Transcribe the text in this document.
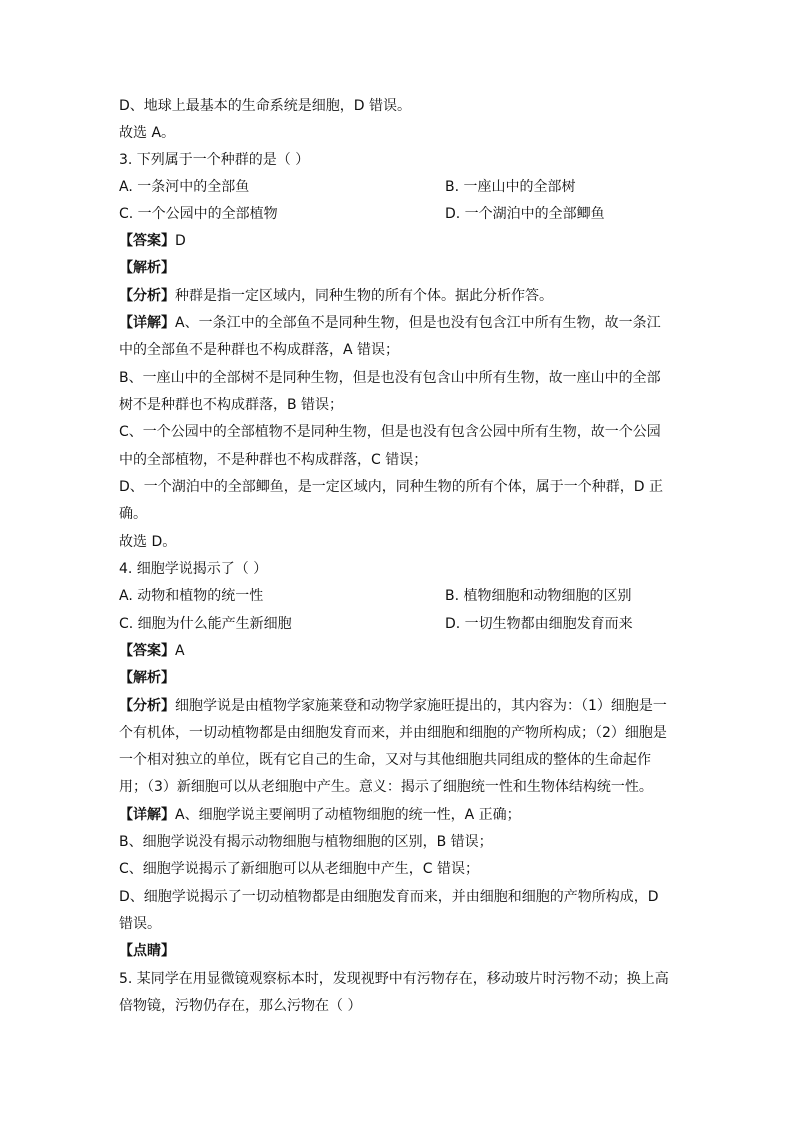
D、地球上最基本的生命系统是细胞，D 错误。
故选 A。
3. 下列属于一个种群的是（ ）
A. 一条河中的全部鱼	B. 一座山中的全部树
C. 一个公园中的全部植物	D. 一个湖泊中的全部鲫鱼
【答案】D
【解析】
【分析】种群是指一定区域内，同种生物的所有个体。据此分析作答。
【详解】A、一条江中的全部鱼不是同种生物，但是也没有包含江中所有生物，故一条江
中的全部鱼不是种群也不构成群落，A 错误；
B、一座山中的全部树不是同种生物，但是也没有包含山中所有生物，故一座山中的全部
树不是种群也不构成群落，B 错误；
C、一个公园中的全部植物不是同种生物，但是也没有包含公园中所有生物，故一个公园
中的全部植物，不是种群也不构成群落，C 错误；
D、一个湖泊中的全部鲫鱼，是一定区域内，同种生物的所有个体，属于一个种群，D 正
确。
故选 D。
4. 细胞学说揭示了（ ）
A. 动物和植物的统一性	B. 植物细胞和动物细胞的区别
C. 细胞为什么能产生新细胞	D. 一切生物都由细胞发育而来
【答案】A
【解析】
【分析】细胞学说是由植物学家施莱登和动物学家施旺提出的，其内容为：（1）细胞是一
个有机体，一切动植物都是由细胞发育而来，并由细胞和细胞的产物所构成；（2）细胞是
一个相对独立的单位，既有它自己的生命，又对与其他细胞共同组成的整体的生命起作
用；（3）新细胞可以从老细胞中产生。意义：揭示了细胞统一性和生物体结构统一性。
【详解】A、细胞学说主要阐明了动植物细胞的统一性，A 正确；
B、细胞学说没有揭示动物细胞与植物细胞的区别，B 错误；
C、细胞学说揭示了新细胞可以从老细胞中产生，C 错误；
D、细胞学说揭示了一切动植物都是由细胞发育而来，并由细胞和细胞的产物所构成，D
错误。
【点睛】
5. 某同学在用显微镜观察标本时，发现视野中有污物存在，移动玻片时污物不动；换上高
倍物镜，污物仍存在，那么污物在（ ）
